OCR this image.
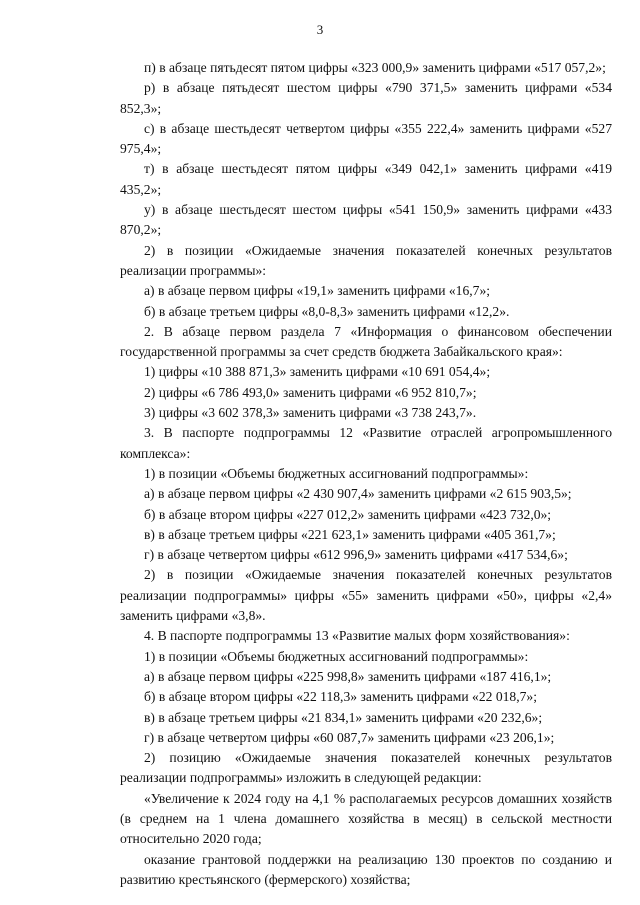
3

п) в абзаце пятьдесят пятом цифры «323 000,9» заменить цифрами «517 057,2»;

р) в абзаце пятьдесят шестом цифры «790 371,5» заменить цифрами «534 852,3»;

с) в абзаце шестьдесят четвертом цифры «355 222,4» заменить цифрами «527 975,4»;

т) в абзаце шестьдесят пятом цифры «349 042,1» заменить цифрами «419 435,2»;

у) в абзаце шестьдесят шестом цифры «541 150,9» заменить цифрами «433 870,2»;

2) в позиции «Ожидаемые значения показателей конечных результатов реализации программы»:

а) в абзаце первом цифры «19,1» заменить цифрами «16,7»;

б) в абзаце третьем цифры «8,0-8,3» заменить цифрами «12,2».

2. В абзаце первом раздела 7 «Информация о финансовом обеспечении государственной программы за счет средств бюджета Забайкальского края»:

1) цифры «10 388 871,3» заменить цифрами «10 691 054,4»;

2) цифры «6 786 493,0» заменить цифрами «6 952 810,7»;

3) цифры «3 602 378,3» заменить цифрами «3 738 243,7».

3. В паспорте подпрограммы 12 «Развитие отраслей агропромышленного комплекса»:

1) в позиции «Объемы бюджетных ассигнований подпрограммы»:

а) в абзаце первом цифры «2 430 907,4» заменить цифрами «2 615 903,5»;

б) в абзаце втором цифры «227 012,2» заменить цифрами «423 732,0»;

в) в абзаце третьем цифры «221 623,1» заменить цифрами «405 361,7»;

г) в абзаце четвертом цифры «612 996,9» заменить цифрами «417 534,6»;

2) в позиции «Ожидаемые значения показателей конечных результатов реализации подпрограммы» цифры «55» заменить цифрами «50», цифры «2,4» заменить цифрами «3,8».

4. В паспорте подпрограммы 13 «Развитие малых форм хозяйствования»:

1) в позиции «Объемы бюджетных ассигнований подпрограммы»:

а) в абзаце первом цифры «225 998,8» заменить цифрами «187 416,1»;

б) в абзаце втором цифры «22 118,3» заменить цифрами «22 018,7»;

в) в абзаце третьем цифры «21 834,1» заменить цифрами «20 232,6»;

г) в абзаце четвертом цифры «60 087,7» заменить цифрами «23 206,1»;

2) позицию «Ожидаемые значения показателей конечных результатов реализации подпрограммы» изложить в следующей редакции:

«Увеличение к 2024 году на 4,1 % располагаемых ресурсов домашних хозяйств (в среднем на 1 члена домашнего хозяйства в месяц) в сельской местности относительно 2020 года;

оказание грантовой поддержки на реализацию 130 проектов по созданию и развитию крестьянского (фермерского) хозяйства;
